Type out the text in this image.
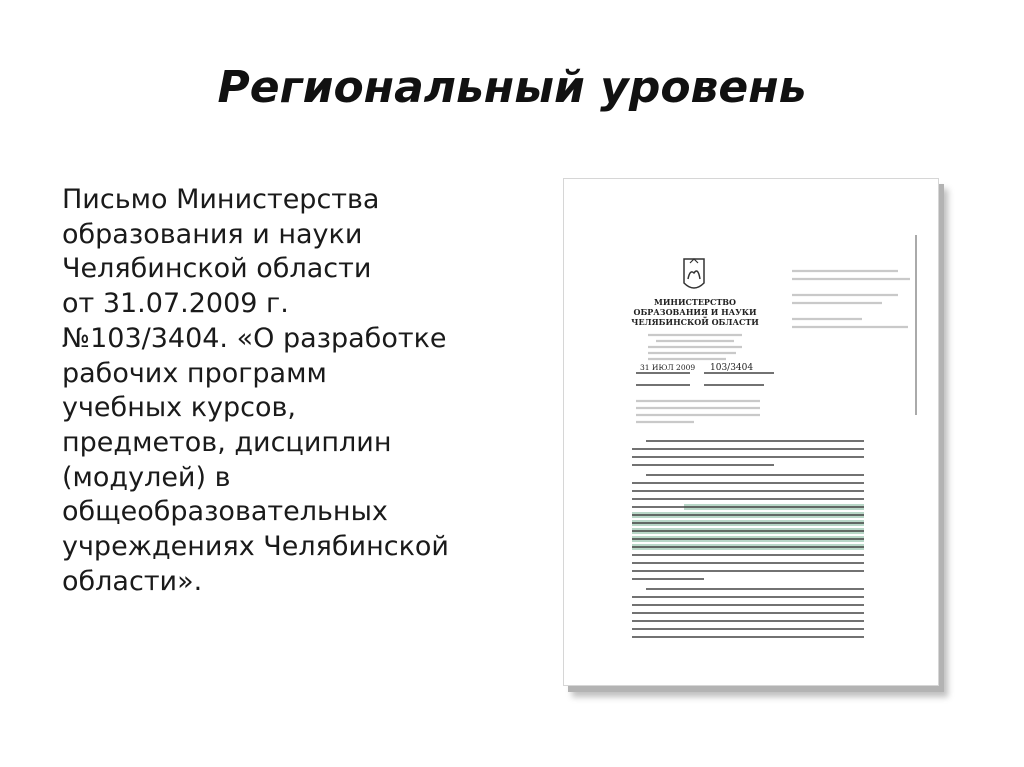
Региональный уровень
Письмо Министерства
образования и науки
Челябинской области
от 31.07.2009 г.
№103/3404. «О разработке
рабочих программ
учебных курсов,
предметов, дисциплин
(модулей) в
общеобразовательных
учреждениях Челябинской
области».
МИНИСТЕРСТВО
ОБРАЗОВАНИЯ И НАУКИ
ЧЕЛЯБИНСКОЙ ОБЛАСТИ
31 ИЮЛ 2009 103/3404
